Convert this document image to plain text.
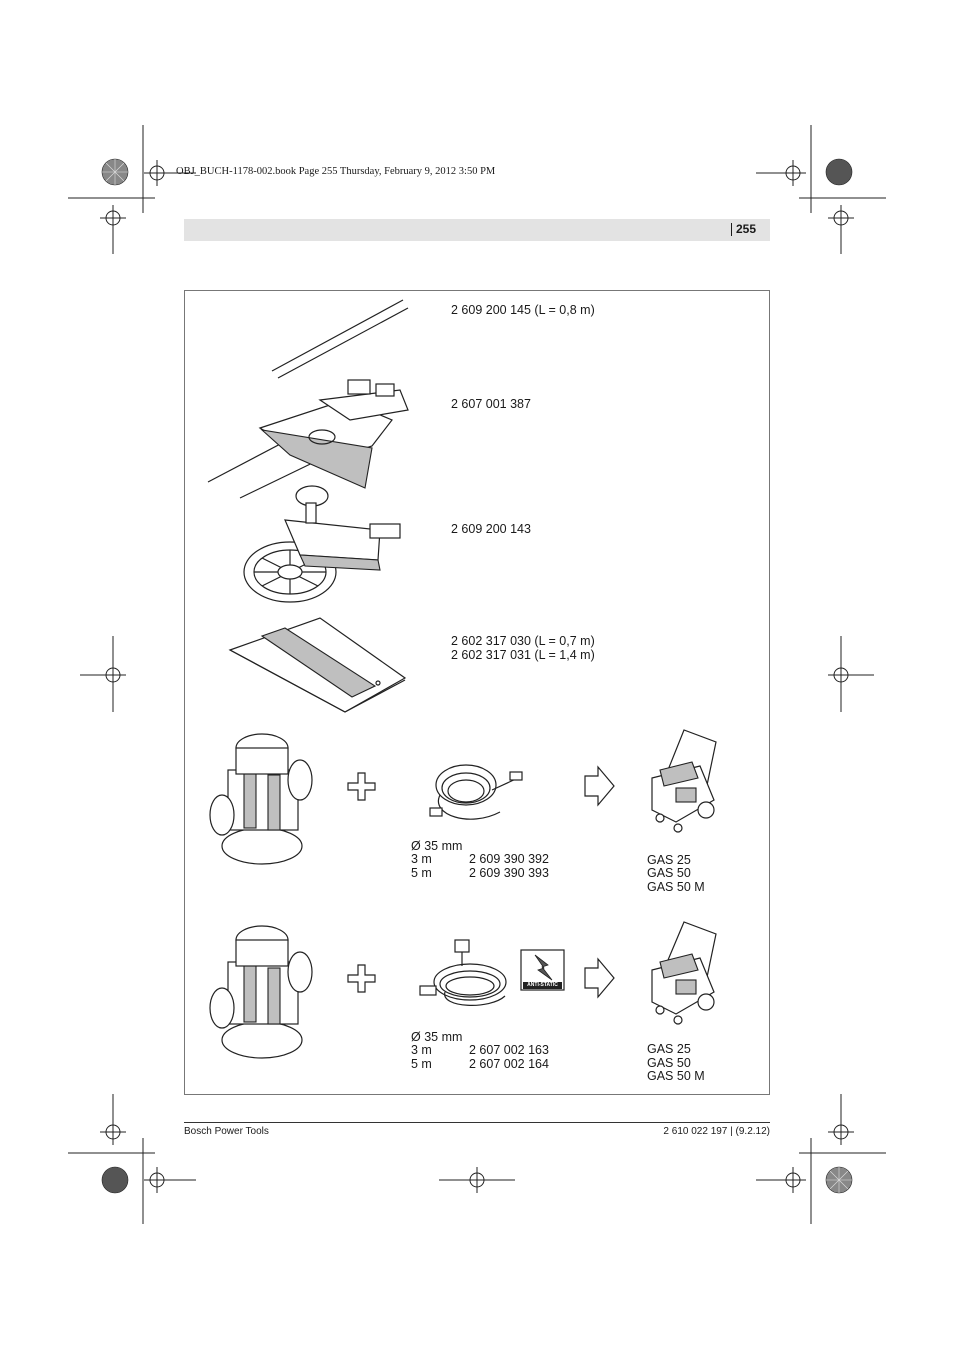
OBJ_BUCH-1178-002.book Page 255 Thursday, February 9, 2012 3:50 PM
255
ANTI-STATIC
2 609 200 145 (L = 0,8 m)
2 607 001 387
2 609 200 143
2 602 317 030 (L = 0,7 m)
2 602 317 031 (L = 1,4 m)
Ø 35 mm
3 m	2 609 390 392
5 m	2 609 390 393
GAS 25
GAS 50
GAS 50 M
Ø 35 mm
3 m	2 607 002 163
5 m	2 607 002 164
GAS 25
GAS 50
GAS 50 M
Bosch Power Tools	2 610 022 197 | (9.2.12)
